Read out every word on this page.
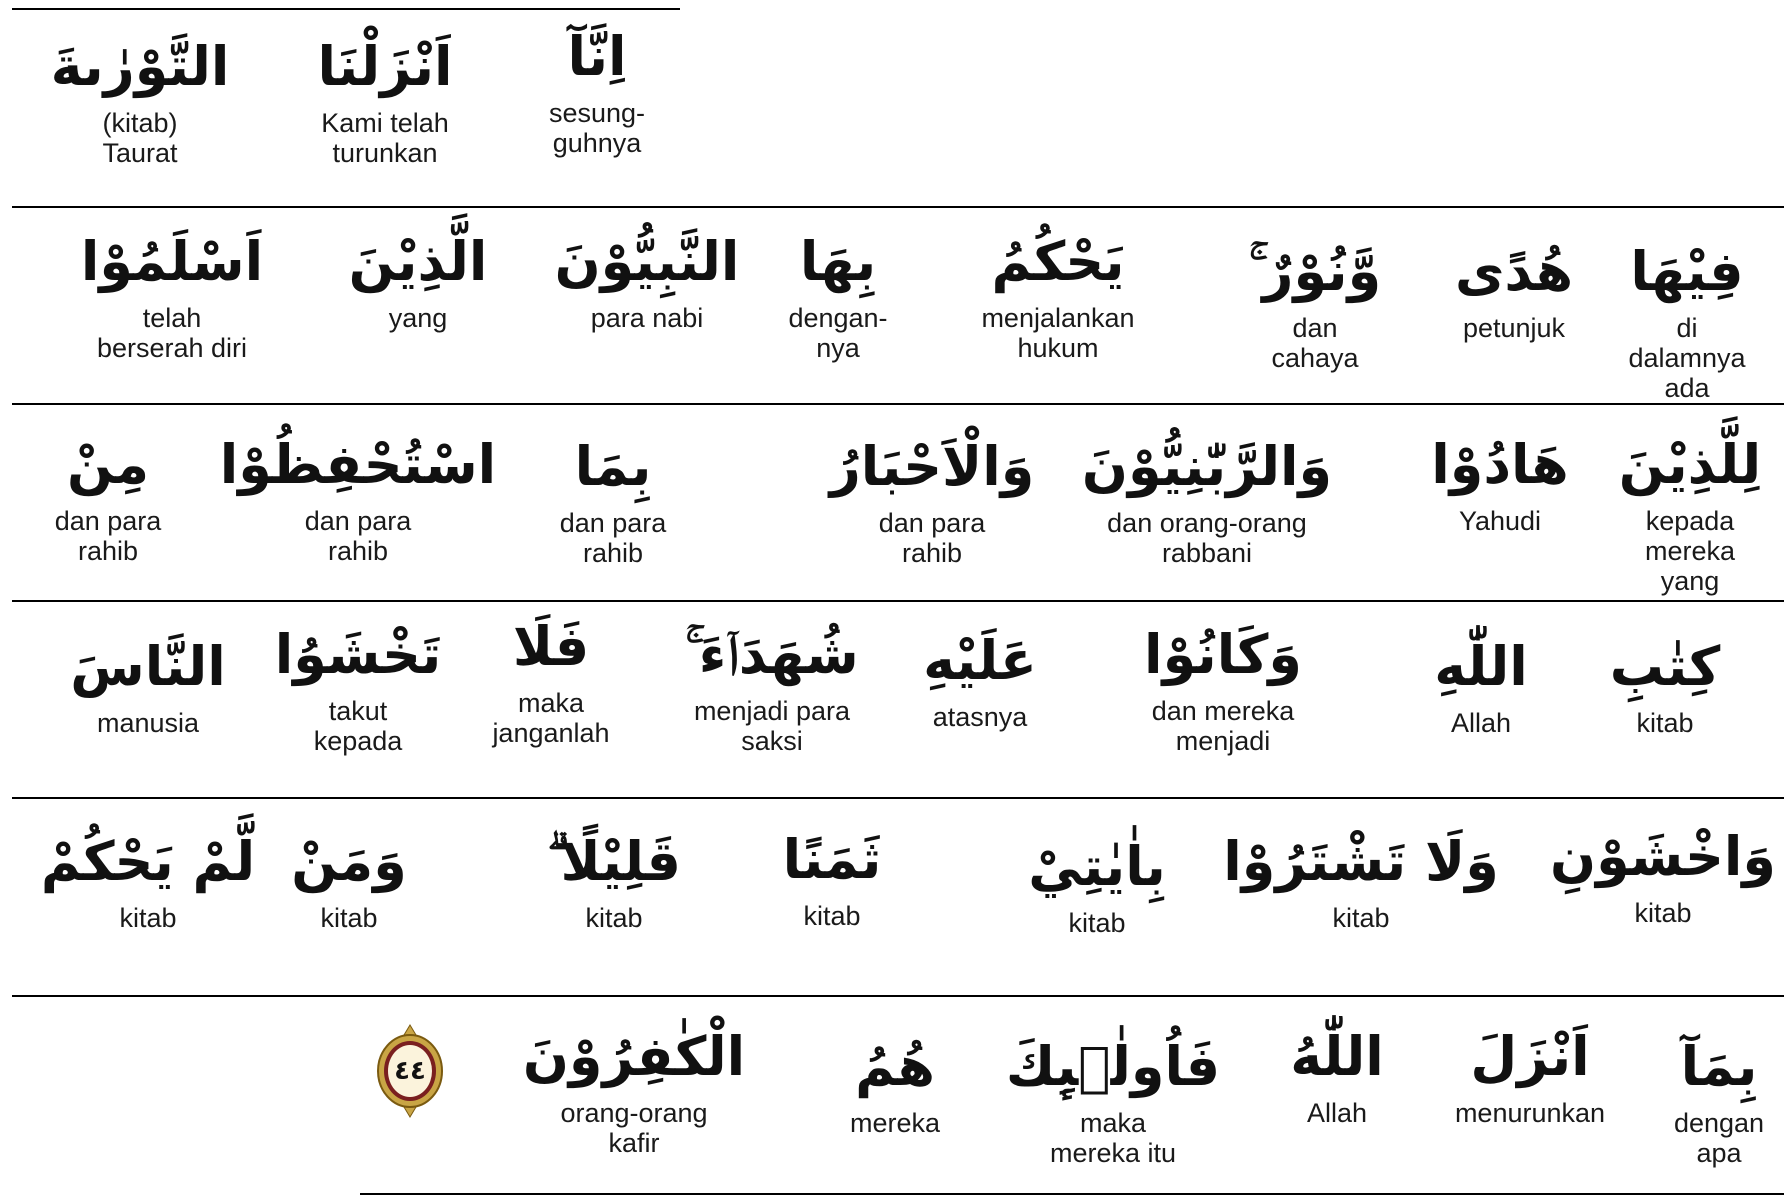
التَّوْرٰىةَ
(kitab)
Taurat
اَنْزَلْنَا
Kami telah
turunkan
اِنَّآ
sesung-
guhnya
اَسْلَمُوْا
telah
berserah diri
الَّذِيْنَ
yang
النَّبِيُّوْنَ
para nabi
بِهَا
dengan-
nya
يَحْكُمُ
menjalankan
hukum
وَّنُوْرٌ ۚ
dan
cahaya
هُدًى
petunjuk
فِيْهَا
di dalamnya
ada
مِنْ
dan para
rahib
اسْتُحْفِظُوْا
dan para
rahib
بِمَا
dan para
rahib
وَالْاَحْبَارُ
dan para
rahib
وَالرَّبّٰنِيُّوْنَ
dan orang-orang
rabbani
هَادُوْا
Yahudi
لِلَّذِيْنَ
kepada
mereka yang
النَّاسَ
manusia
تَخْشَوُا
takut
kepada
فَلَا
maka
janganlah
شُهَدَاۤءَ ۚ
menjadi para
saksi
عَلَيْهِ
atasnya
وَكَانُوْا
dan mereka
menjadi
اللّٰهِ
Allah
كِتٰبِ
kitab
لَّمْ يَحْكُمْ
kitab
وَمَنْ
kitab
قَلِيْلًا ۗ
kitab
ثَمَنًا
kitab
بِاٰيٰتِيْ
kitab
وَلَا تَشْتَرُوْا
kitab
وَاخْشَوْنِ
kitab
الْكٰفِرُوْنَ
orang-orang
kafir
هُمُ
mereka
فَاُولٰۤىِٕكَ
maka
mereka itu
اللّٰهُ
Allah
اَنْزَلَ
menurunkan
بِمَآ
dengan
apa
٤٤
